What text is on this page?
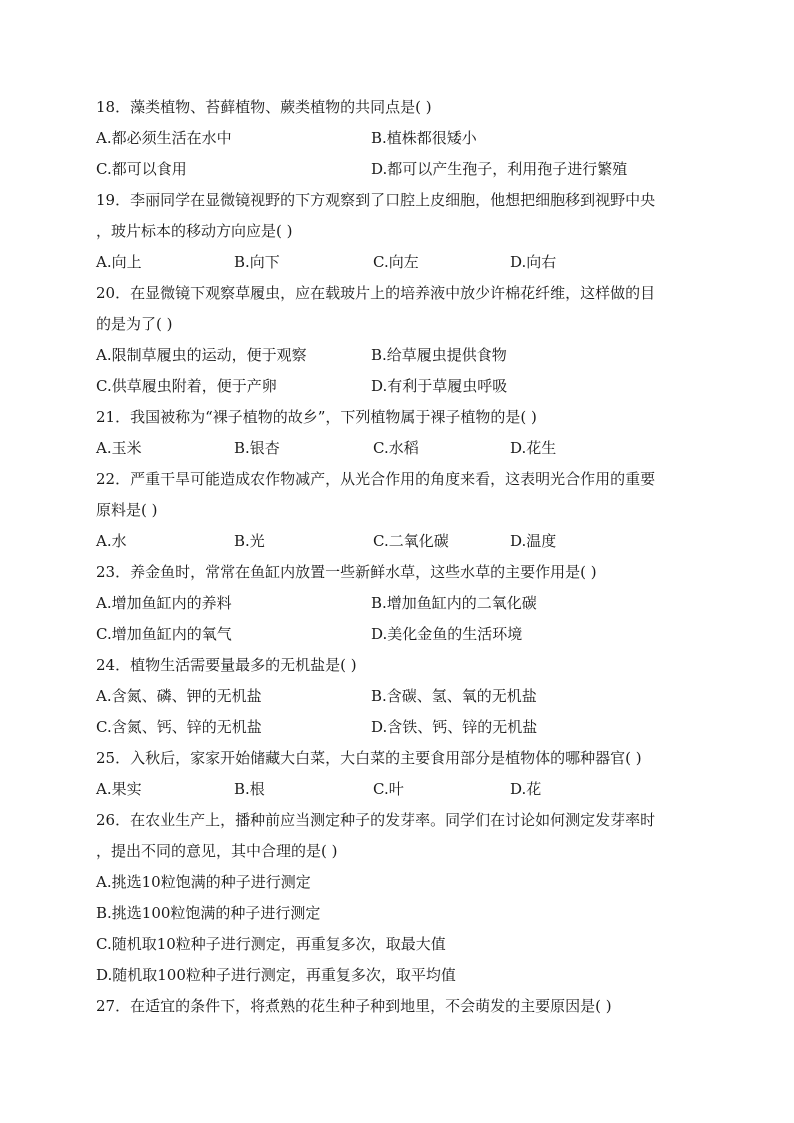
18．藻类植物、苔藓植物、蕨类植物的共同点是( )
A.都必须生活在水中	B.植株都很矮小
C.都可以食用	D.都可以产生孢子，利用孢子进行繁殖
19．李丽同学在显微镜视野的下方观察到了口腔上皮细胞，他想把细胞移到视野中央
，玻片标本的移动方向应是( )
A.向上	B.向下	C.向左	D.向右
20．在显微镜下观察草履虫，应在载玻片上的培养液中放少许棉花纤维，这样做的目
的是为了( )
A.限制草履虫的运动，便于观察	B.给草履虫提供食物
C.供草履虫附着，便于产卵	D.有利于草履虫呼吸
21．我国被称为“裸子植物的故乡”，下列植物属于裸子植物的是( )
A.玉米	B.银杏	C.水稻	D.花生
22．严重干旱可能造成农作物减产，从光合作用的角度来看，这表明光合作用的重要
原料是( )
A.水	B.光	C.二氧化碳	D.温度
23．养金鱼时，常常在鱼缸内放置一些新鲜水草，这些水草的主要作用是( )
A.增加鱼缸内的养料	B.增加鱼缸内的二氧化碳
C.增加鱼缸内的氧气	D.美化金鱼的生活环境
24．植物生活需要量最多的无机盐是( )
A.含氮、磷、钾的无机盐	B.含碳、氢、氧的无机盐
C.含氮、钙、锌的无机盐	D.含铁、钙、锌的无机盐
25．入秋后，家家开始储藏大白菜，大白菜的主要食用部分是植物体的哪种器官( )
A.果实	B.根	C.叶	D.花
26．在农业生产上，播种前应当测定种子的发芽率。同学们在讨论如何测定发芽率时
，提出不同的意见，其中合理的是( )
A.挑选10粒饱满的种子进行测定
B.挑选100粒饱满的种子进行测定
C.随机取10粒种子进行测定，再重复多次，取最大值
D.随机取100粒种子进行测定，再重复多次，取平均值
27．在适宜的条件下，将煮熟的花生种子种到地里，不会萌发的主要原因是( )
